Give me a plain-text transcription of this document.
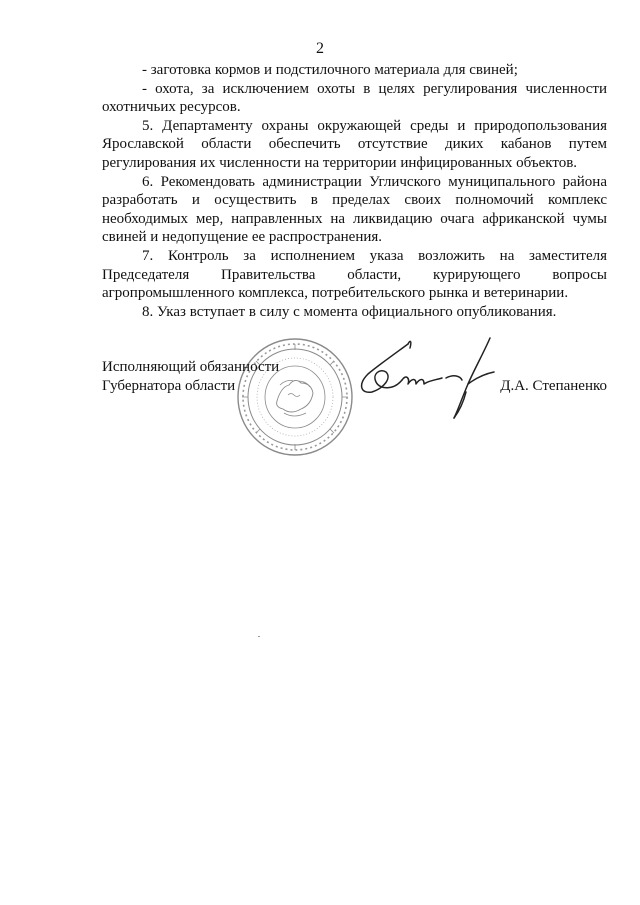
2

- заготовка кормов и подстилочного материала для свиней;

- охота, за исключением охоты в целях регулирования численности охотничьих ресурсов.

5. Департаменту охраны окружающей среды и природопользования Ярославской области обеспечить отсутствие диких кабанов путем регулирования их численности на территории инфицированных объектов.

6. Рекомендовать администрации Угличского муниципального района разработать и осуществить в пределах своих полномочий комплекс необходимых мер, направленных на ликвидацию очага африканской чумы свиней и недопущение ее распространения.

7. Контроль за исполнением указа возложить на заместителя Председателя Правительства области, курирующего вопросы агропромышленного комплекса, потребительского рынка и ветеринарии.

8. Указ вступает в силу с момента официального опубликования.

Исполняющий обязанности
Губернатора области	Д.А. Степаненко
